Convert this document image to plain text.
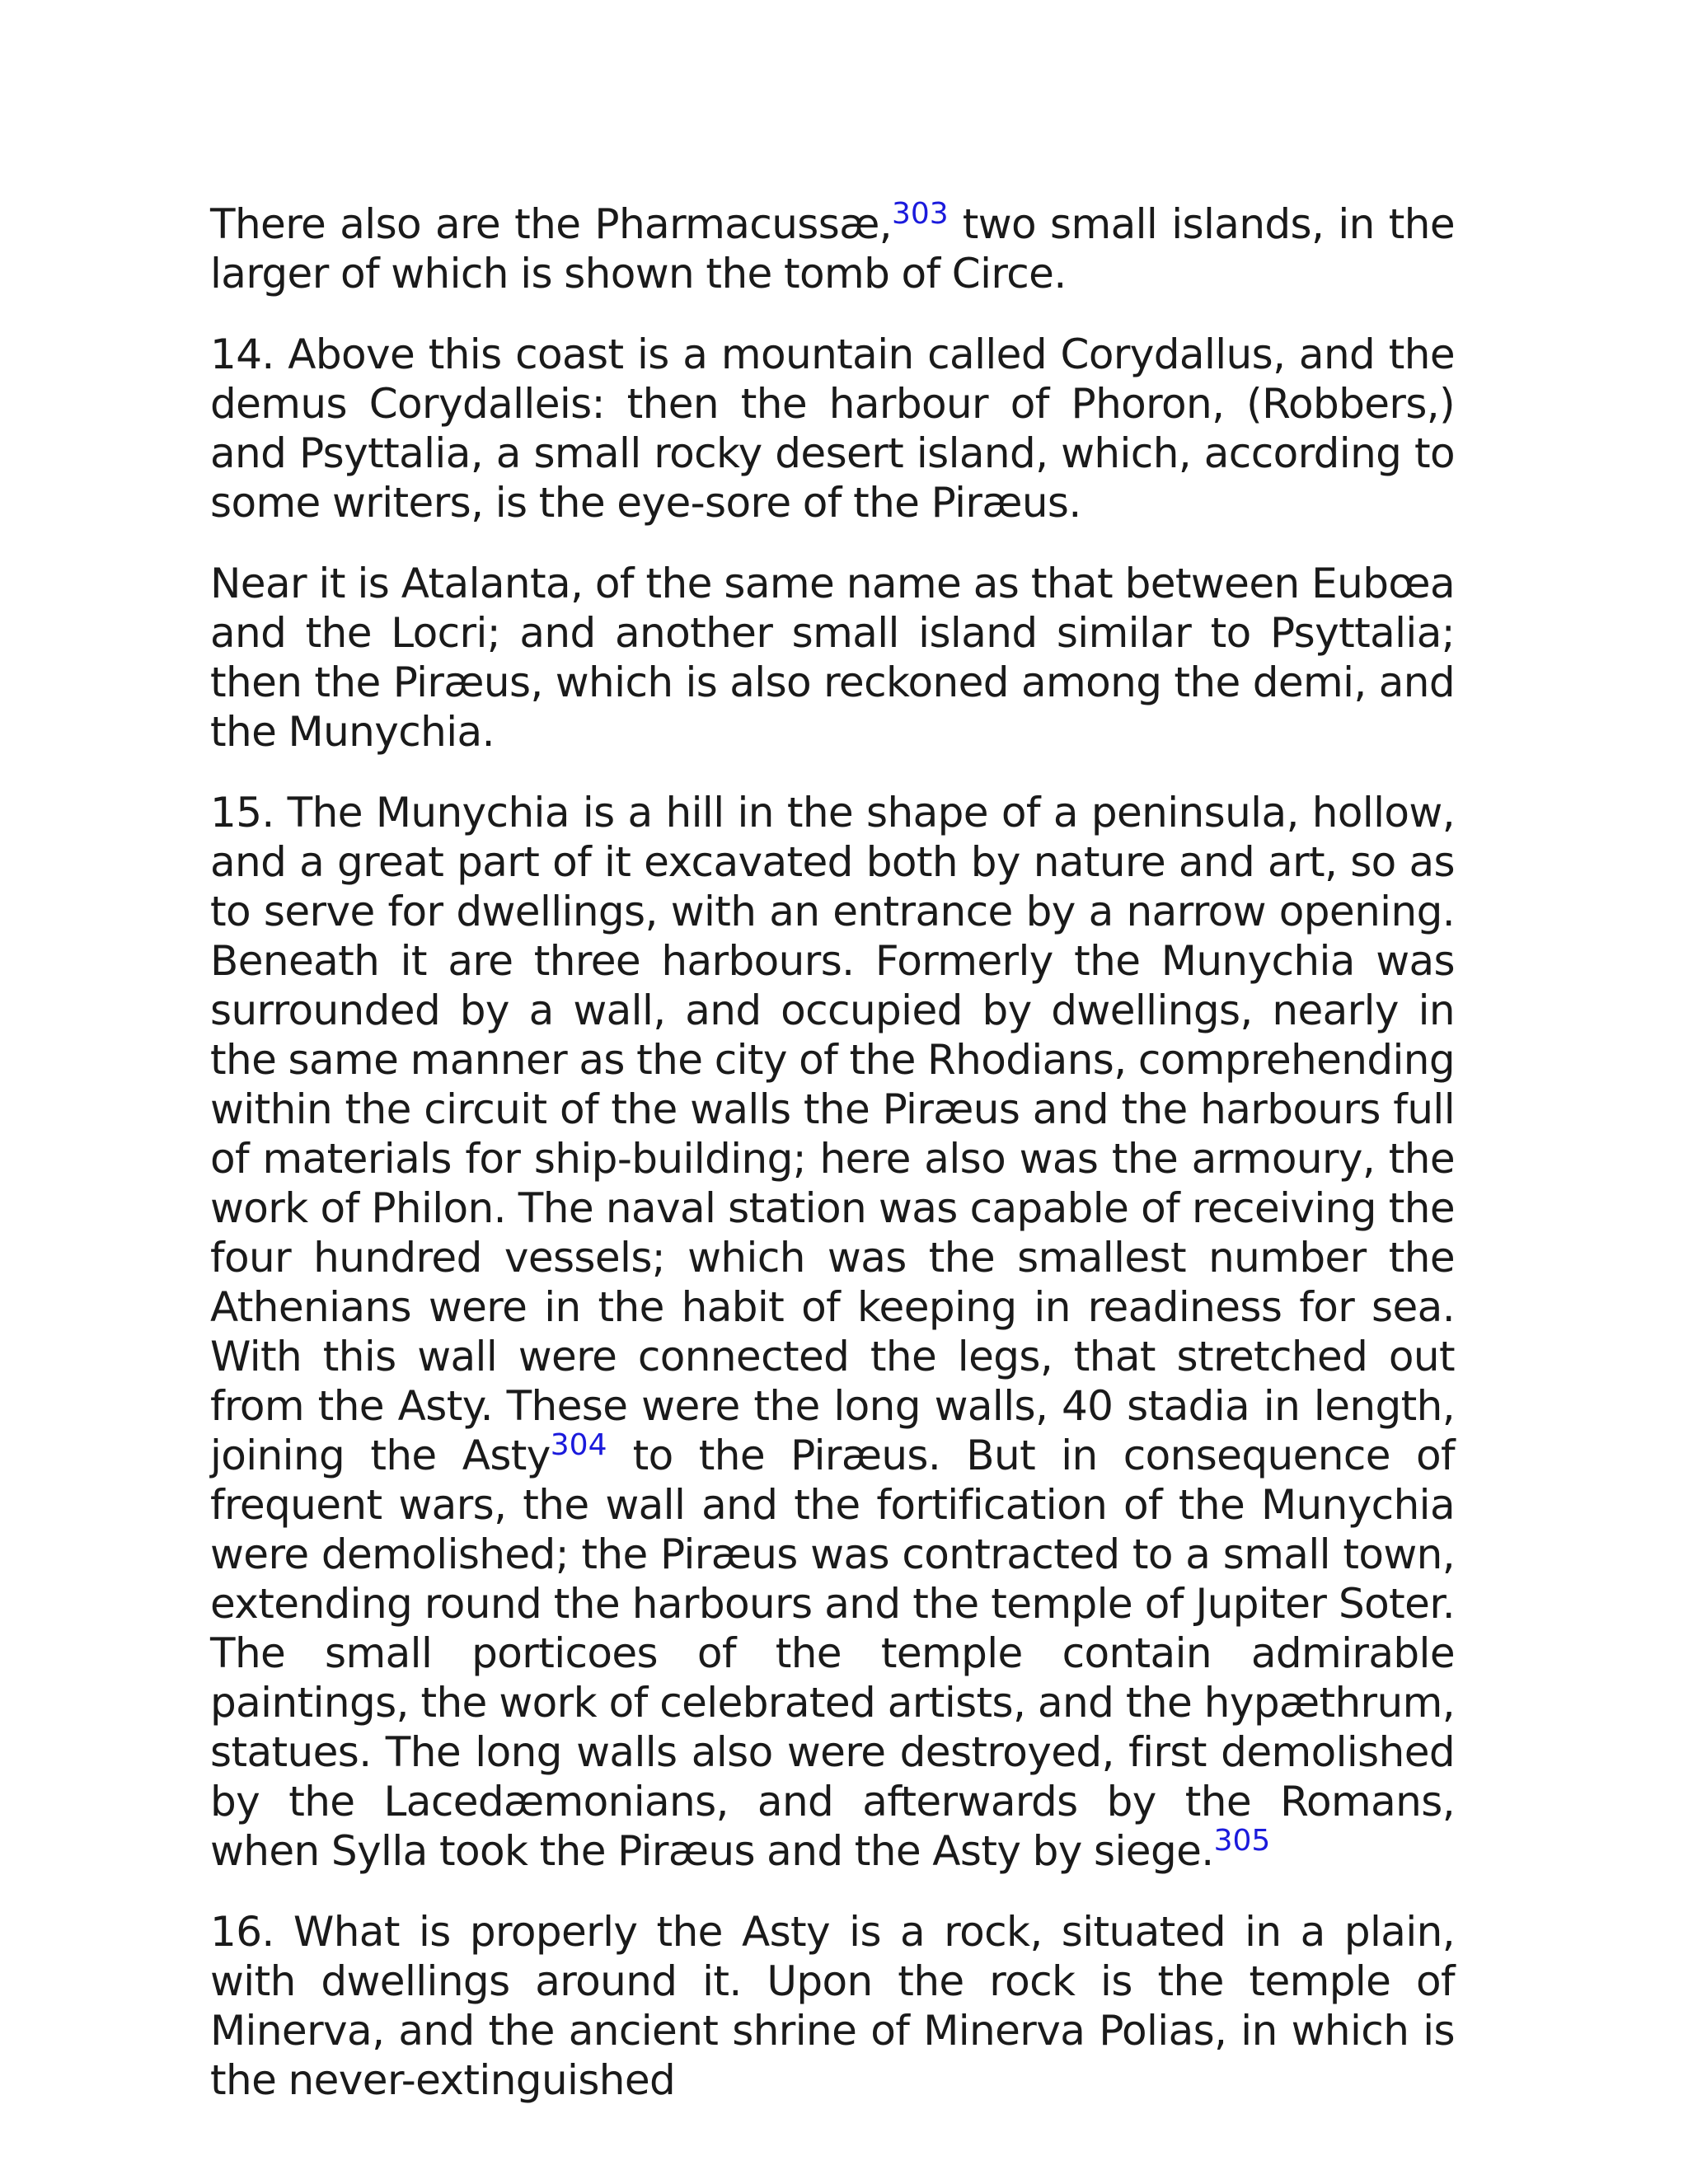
There also are the Pharmacussæ,$^{303}$ two small islands, in the larger of which is shown the tomb of Circe.

14. Above this coast is a mountain called Corydallus, and the demus Corydalleis: then the harbour of Phoron, (Robbers,) and Psyttalia, a small rocky desert island, which, according to some writers, is the eye-sore of the Piræus.

Near it is Atalanta, of the same name as that between Eubœa and the Locri; and another small island similar to Psyttalia; then the Piræus, which is also reckoned among the demi, and the Munychia.

15. The Munychia is a hill in the shape of a peninsula, hollow, and a great part of it excavated both by nature and art, so as to serve for dwellings, with an entrance by a narrow opening. Beneath it are three harbours. Formerly the Munychia was surrounded by a wall, and occupied by dwellings, nearly in the same manner as the city of the Rhodians, comprehending within the circuit of the walls the Piræus and the harbours full of materials for ship-building; here also was the armoury, the work of Philon. The naval station was capable of receiving the four hundred vessels; which was the smallest number the Athenians were in the habit of keeping in readiness for sea. With this wall were connected the legs, that stretched out from the Asty. These were the long walls, 40 stadia in length, joining the Asty$^{304}$ to the Piræus. But in consequence of frequent wars, the wall and the fortification of the Munychia were demolished; the Piræus was contracted to a small town, extending round the harbours and the temple of Jupiter Soter. The small porticoes of the temple contain admirable paintings, the work of celebrated artists, and the hypæthrum, statues. The long walls also were destroyed, first demolished by the Lacedæmonians, and afterwards by the Romans, when Sylla took the Piræus and the Asty by siege.$^{305}$

16. What is properly the Asty is a rock, situated in a plain, with dwellings around it. Upon the rock is the temple of Minerva, and the ancient shrine of Minerva Polias, in which is the never-extinguished
